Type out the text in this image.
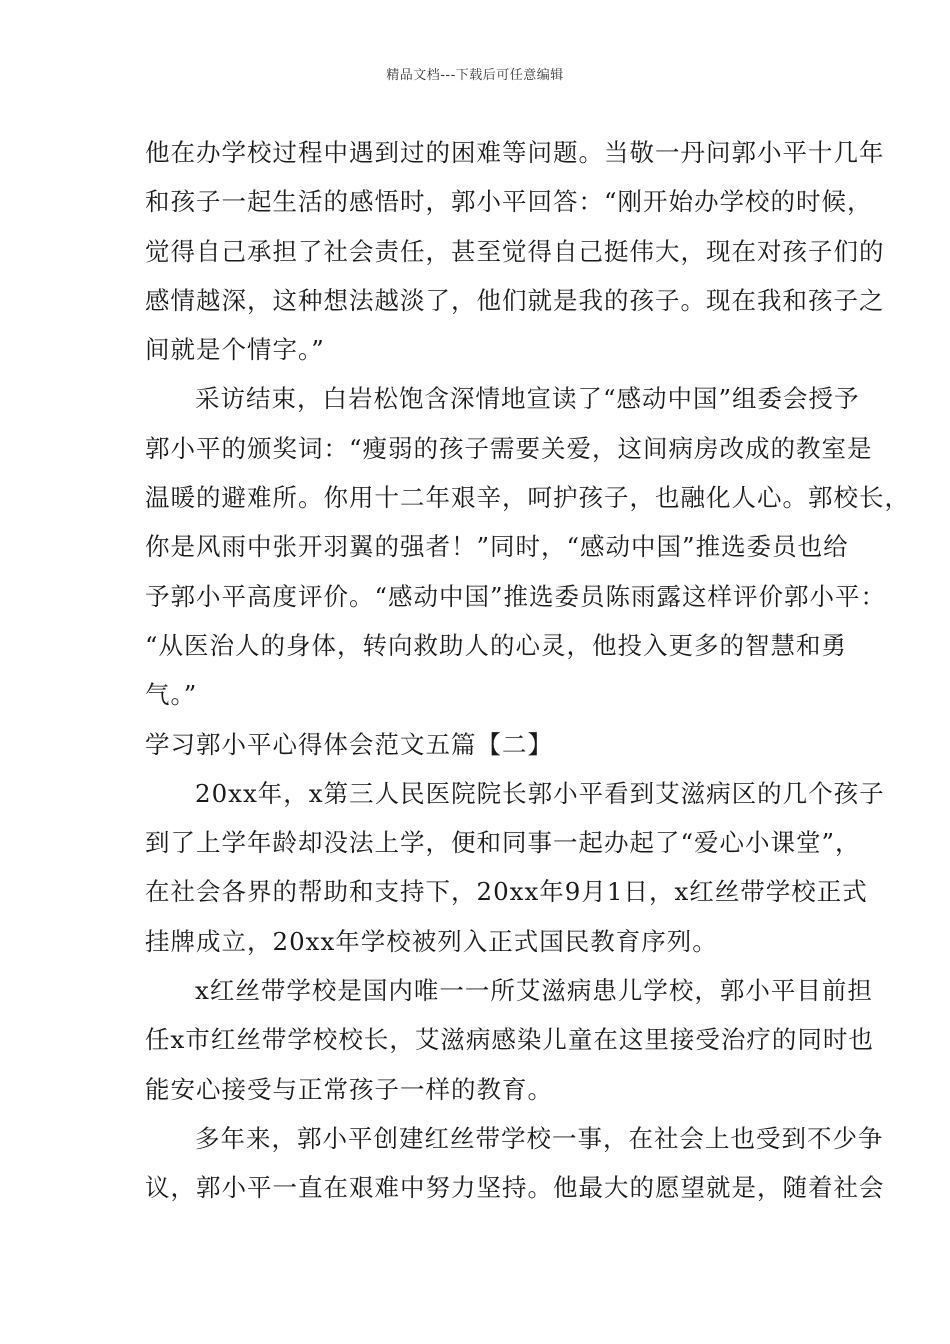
精品文档---下载后可任意编辑
他在办学校过程中遇到过的困难等问题。当敬一丹问郭小平十几年
和孩子一起生活的感悟时，郭小平回答：“刚开始办学校的时候，
觉得自己承担了社会责任，甚至觉得自己挺伟大，现在对孩子们的
感情越深，这种想法越淡了，他们就是我的孩子。现在我和孩子之
间就是个情字。”
采访结束，白岩松饱含深情地宣读了“感动中国”组委会授予
郭小平的颁奖词：“瘦弱的孩子需要关爱，这间病房改成的教室是
温暖的避难所。你用十二年艰辛，呵护孩子，也融化人心。郭校长，
你是风雨中张开羽翼的强者！”同时，“感动中国”推选委员也给
予郭小平高度评价。“感动中国”推选委员陈雨露这样评价郭小平：
“从医治人的身体，转向救助人的心灵，他投入更多的智慧和勇
气。”
学习郭小平心得体会范文五篇【二】
20xx年，x第三人民医院院长郭小平看到艾滋病区的几个孩子
到了上学年龄却没法上学，便和同事一起办起了“爱心小课堂”，
在社会各界的帮助和支持下，20xx年9月1日，x红丝带学校正式
挂牌成立，20xx年学校被列入正式国民教育序列。
x红丝带学校是国内唯一一所艾滋病患儿学校，郭小平目前担
任x市红丝带学校校长，艾滋病感染儿童在这里接受治疗的同时也
能安心接受与正常孩子一样的教育。
多年来，郭小平创建红丝带学校一事，在社会上也受到不少争
议，郭小平一直在艰难中努力坚持。他最大的愿望就是，随着社会
